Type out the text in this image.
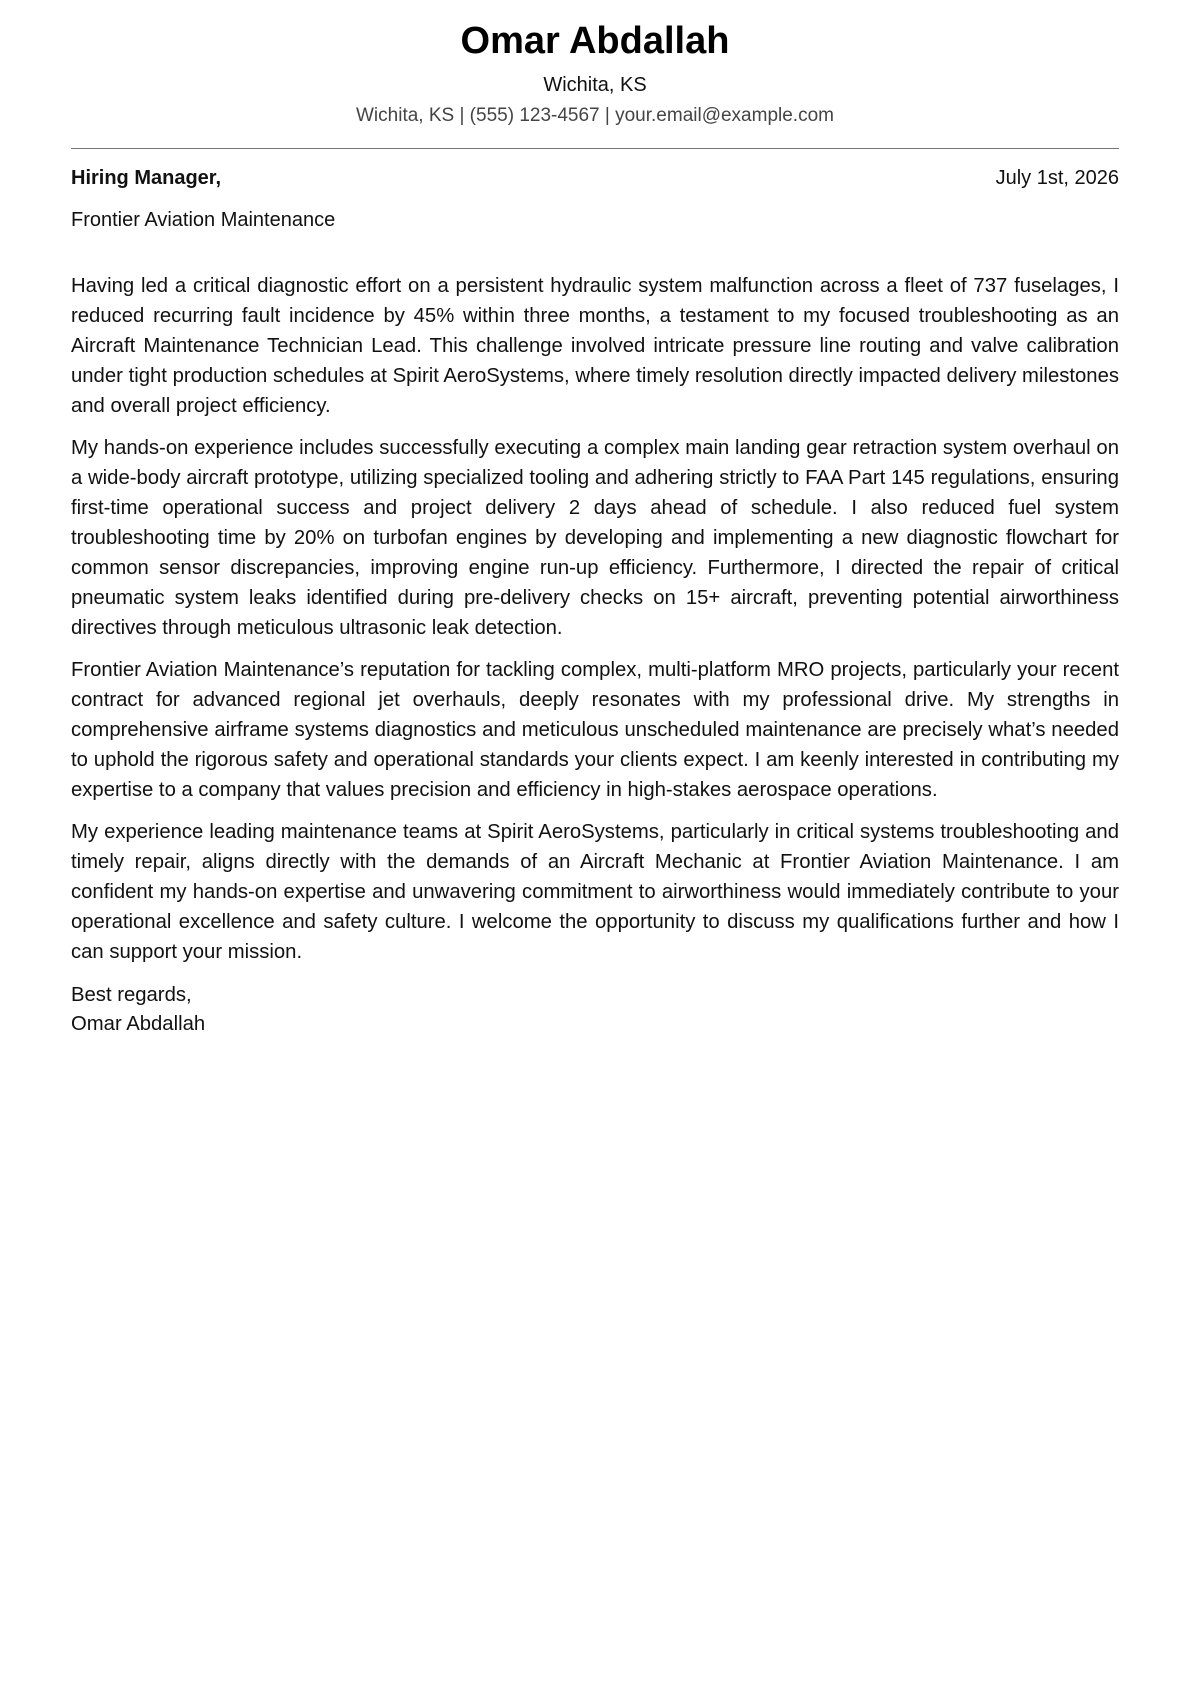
Omar Abdallah
Wichita, KS
Wichita, KS | (555) 123-4567 | your.email@example.com
Hiring Manager,	July 1st, 2026
Frontier Aviation Maintenance

Having led a critical diagnostic effort on a persistent hydraulic system malfunction across a fleet of 737 fuselages, I reduced recurring fault incidence by 45% within three months, a testament to my focused troubleshooting as an Aircraft Maintenance Technician Lead. This challenge involved intricate pressure line routing and valve calibration under tight production schedules at Spirit AeroSystems, where timely resolution directly impacted delivery milestones and overall project efficiency.

My hands-on experience includes successfully executing a complex main landing gear retraction system overhaul on a wide-body aircraft prototype, utilizing specialized tooling and adhering strictly to FAA Part 145 regulations, ensuring first-time operational success and project delivery 2 days ahead of schedule. I also reduced fuel system troubleshooting time by 20% on turbofan engines by developing and implementing a new diagnostic flowchart for common sensor discrepancies, improving engine run-up efficiency. Furthermore, I directed the repair of critical pneumatic system leaks identified during pre-delivery checks on 15+ aircraft, preventing potential airworthiness directives through meticulous ultrasonic leak detection.

Frontier Aviation Maintenance’s reputation for tackling complex, multi-platform MRO projects, particularly your recent contract for advanced regional jet overhauls, deeply resonates with my professional drive. My strengths in comprehensive airframe systems diagnostics and meticulous unscheduled maintenance are precisely what’s needed to uphold the rigorous safety and operational standards your clients expect. I am keenly interested in contributing my expertise to a company that values precision and efficiency in high-stakes aerospace operations.

My experience leading maintenance teams at Spirit AeroSystems, particularly in critical systems troubleshooting and timely repair, aligns directly with the demands of an Aircraft Mechanic at Frontier Aviation Maintenance. I am confident my hands-on expertise and unwavering commitment to airworthiness would immediately contribute to your operational excellence and safety culture. I welcome the opportunity to discuss my qualifications further and how I can support your mission.

Best regards,
Omar Abdallah
